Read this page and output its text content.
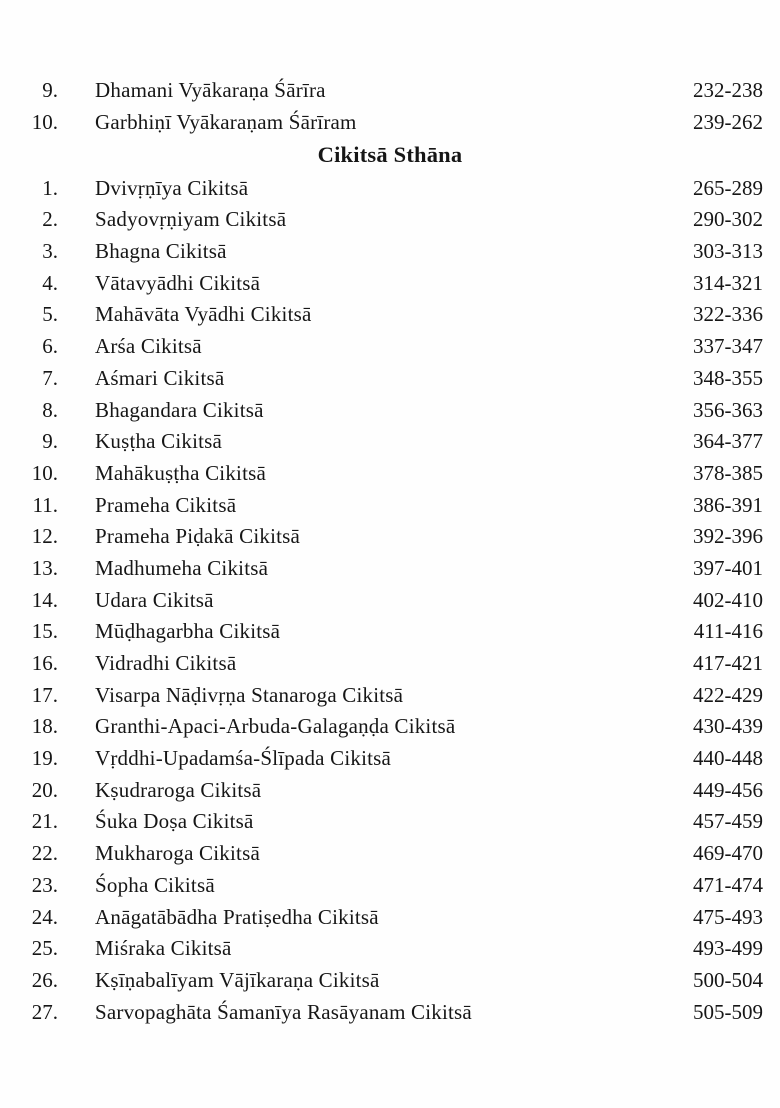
9. Dhamani Vyākaraṇa Śārīra	232-238
10. Garbhiṇī Vyākaraṇam Śārīram	239-262
Cikitsā Sthāna
1. Dvivṛṇīya Cikitsā	265-289
2. Sadyovṛṇiyam Cikitsā	290-302
3. Bhagna Cikitsā	303-313
4. Vātavyādhi Cikitsā	314-321
5. Mahāvāta Vyādhi Cikitsā	322-336
6. Arśa Cikitsā	337-347
7. Aśmari Cikitsā	348-355
8. Bhagandara Cikitsā	356-363
9. Kuṣṭha Cikitsā	364-377
10. Mahākuṣṭha Cikitsā	378-385
11. Prameha Cikitsā	386-391
12. Prameha Piḍakā Cikitsā	392-396
13. Madhumeha Cikitsā	397-401
14. Udara Cikitsā	402-410
15. Mūḍhagarbha Cikitsā	411-416
16. Vidradhi Cikitsā	417-421
17. Visarpa Nāḍivṛṇa Stanaroga Cikitsā	422-429
18. Granthi-Apaci-Arbuda-Galagaṇḍa Cikitsā	430-439
19. Vṛddhi-Upadamśa-Ślīpada Cikitsā	440-448
20. Kṣudraroga Cikitsā	449-456
21. Śuka Doṣa Cikitsā	457-459
22. Mukharoga Cikitsā	469-470
23. Śopha Cikitsā	471-474
24. Anāgatābādha Pratiṣedha Cikitsā	475-493
25. Miśraka Cikitsā	493-499
26. Kṣīṇabalīyam Vājīkaraṇa Cikitsā	500-504
27. Sarvopaghāta Śamanīya Rasāyanam Cikitsā	505-509
